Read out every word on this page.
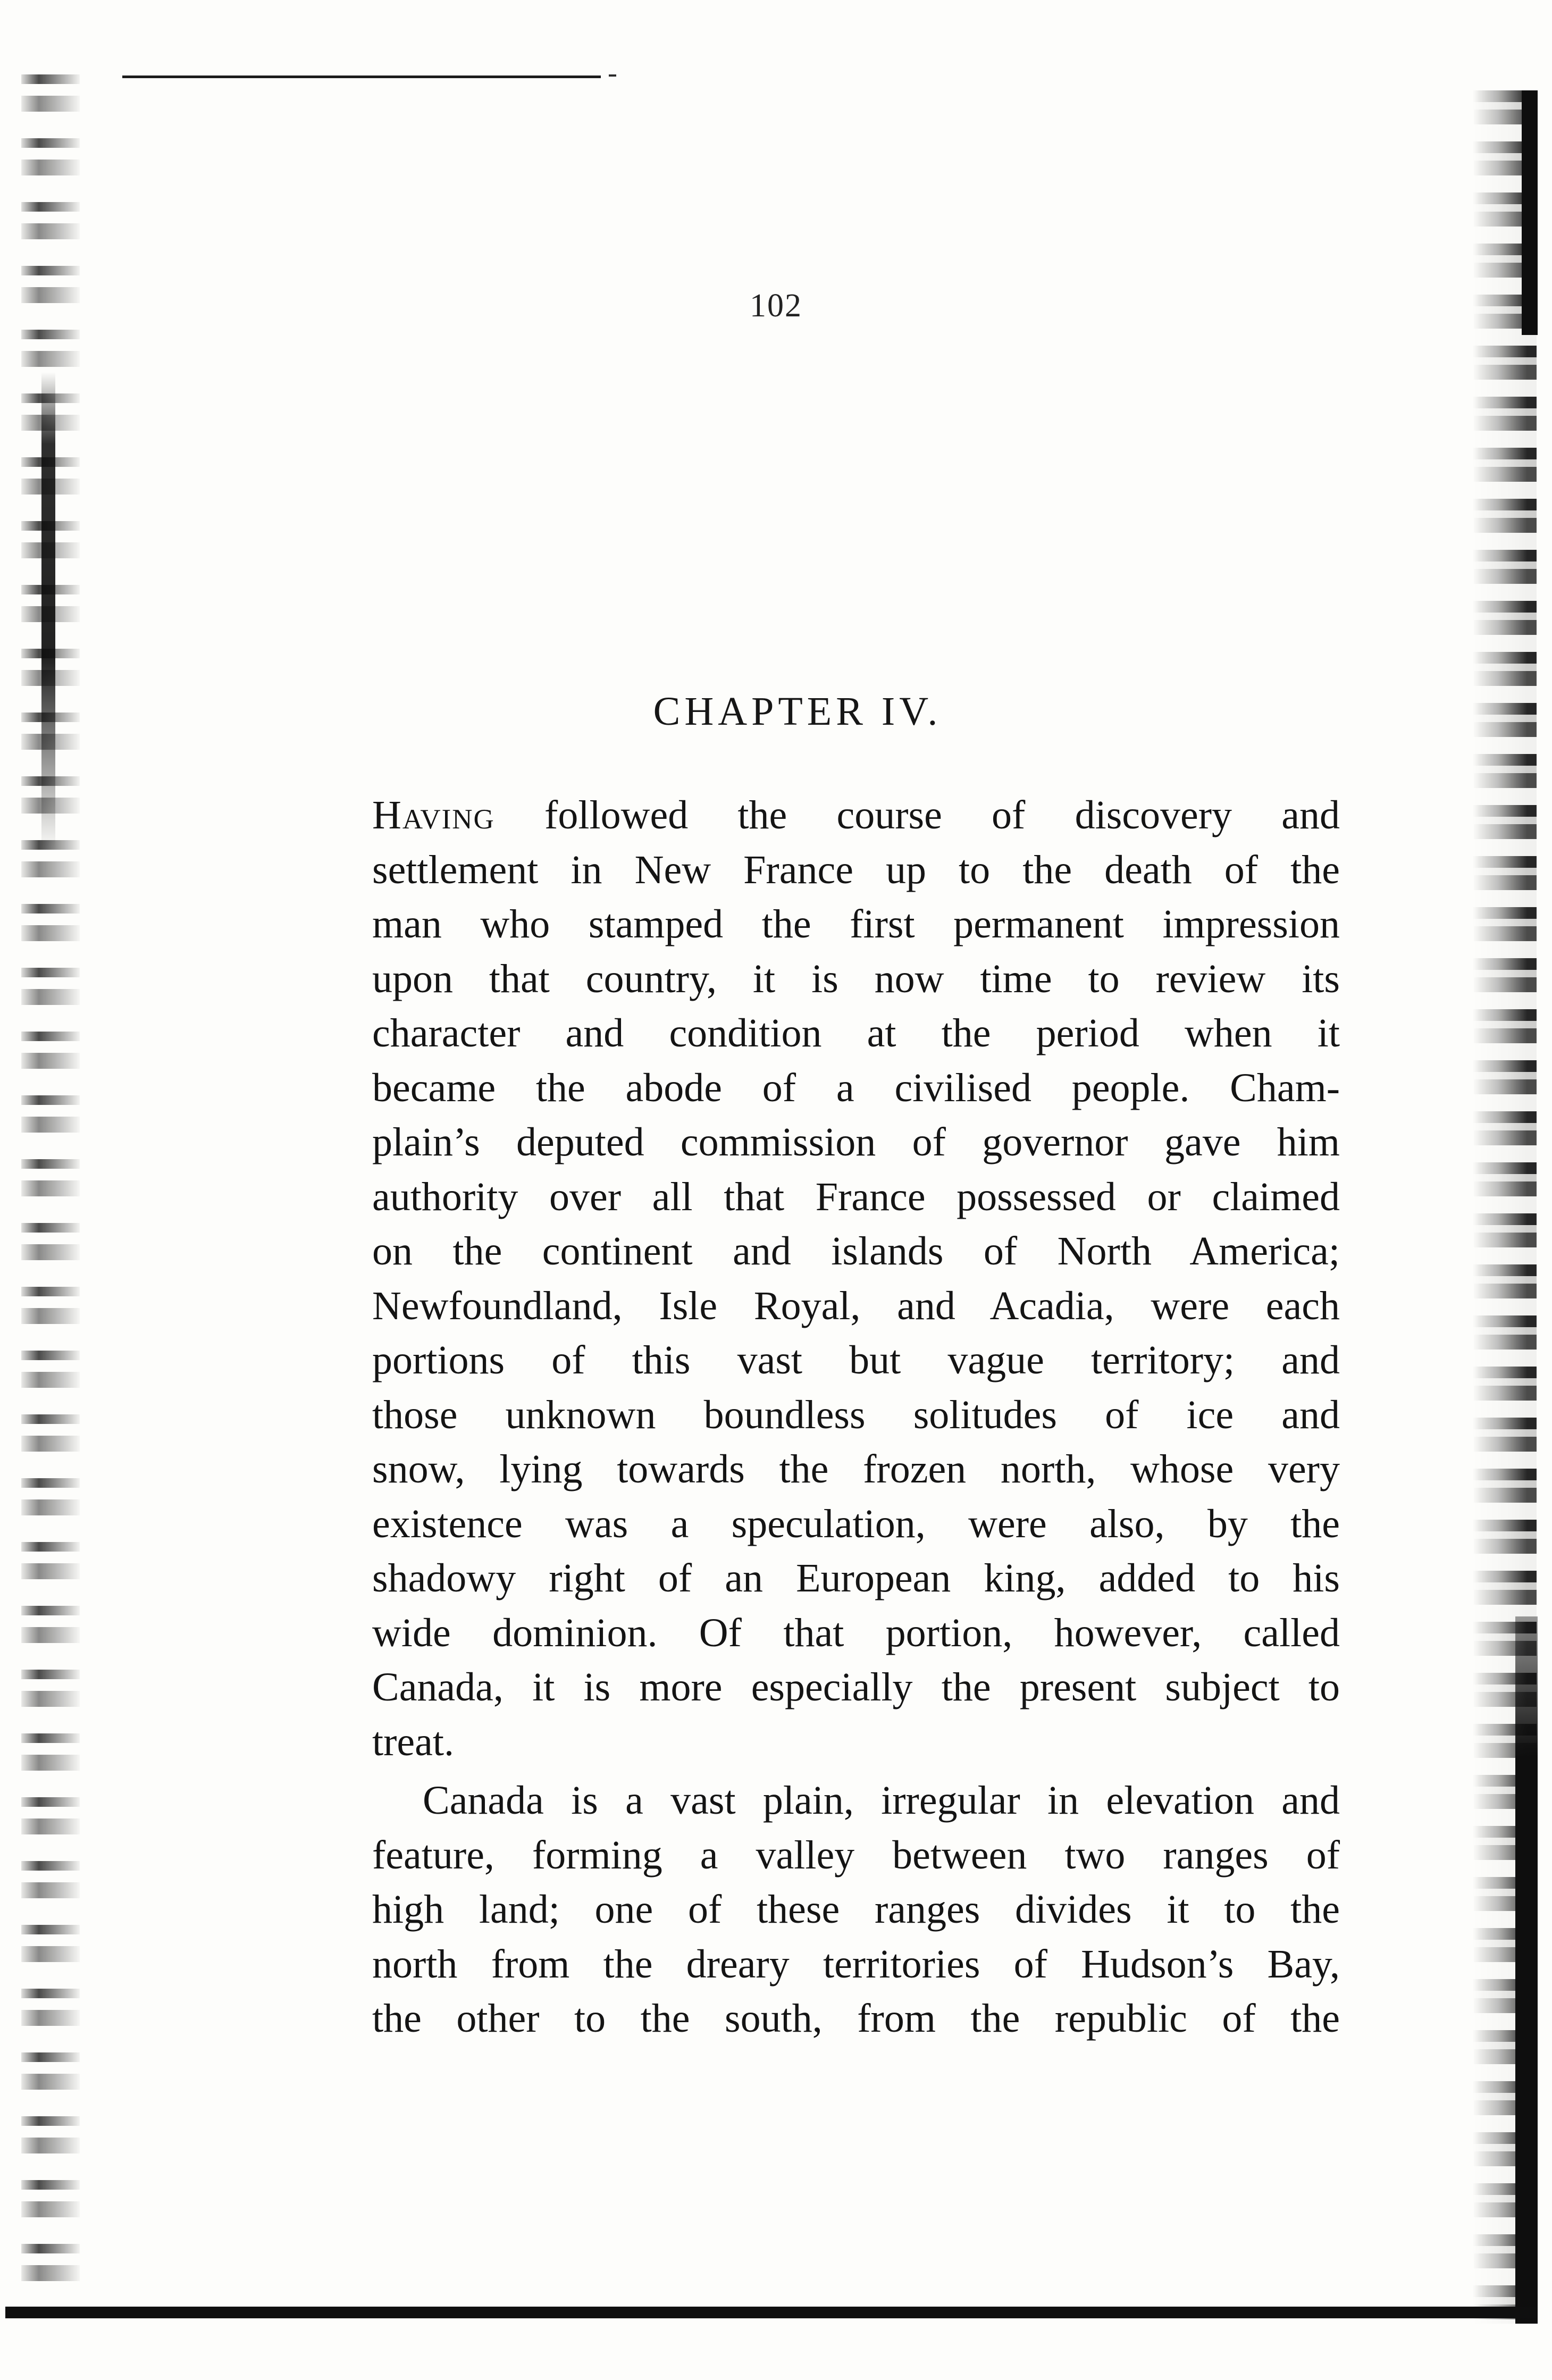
102
CHAPTER IV.
Having followed the course of discovery and
settlement in New France up to the death of the
man who stamped the first permanent impression
upon that country, it is now time to review its
character and condition at the period when it
became the abode of a civilised people. Cham-
plain’s deputed commission of governor gave him
authority over all that France possessed or claimed
on the continent and islands of North America;
Newfoundland, Isle Royal, and Acadia, were each
portions of this vast but vague territory; and
those unknown boundless solitudes of ice and
snow, lying towards the frozen north, whose very
existence was a speculation, were also, by the
shadowy right of an European king, added to his
wide dominion. Of that portion, however, called
Canada, it is more especially the present subject to
treat.
Canada is a vast plain, irregular in elevation and
feature, forming a valley between two ranges of
high land; one of these ranges divides it to the
north from the dreary territories of Hudson’s Bay,
the other to the south, from the republic of the
